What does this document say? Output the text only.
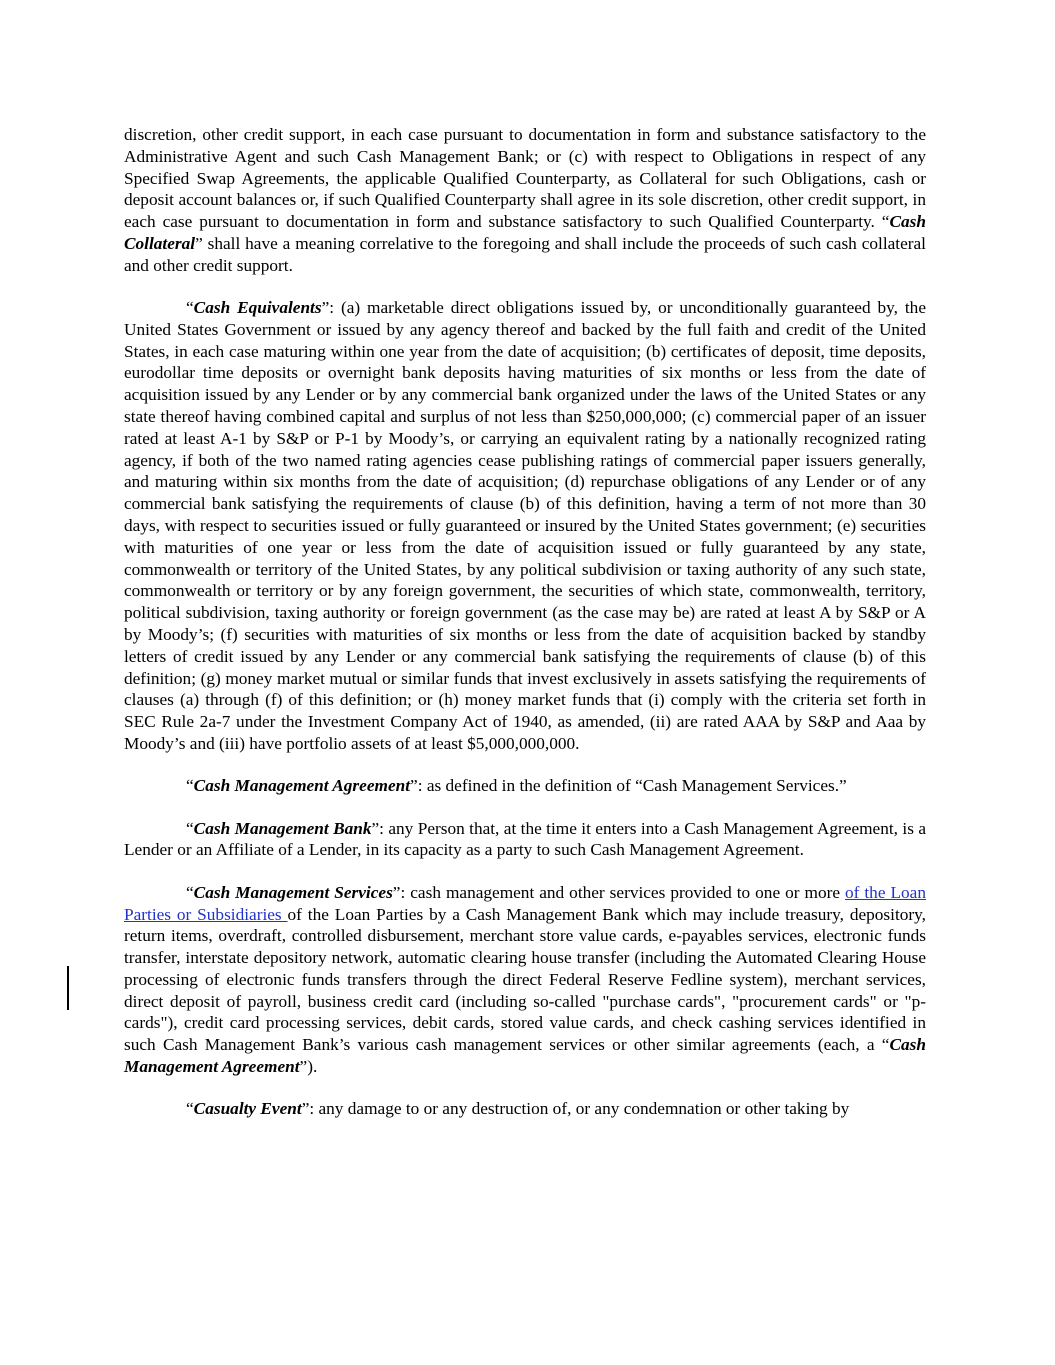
discretion, other credit support, in each case pursuant to documentation in form and substance satisfactory to the Administrative Agent and such Cash Management Bank; or (c) with respect to Obligations in respect of any Specified Swap Agreements, the applicable Qualified Counterparty, as Collateral for such Obligations, cash or deposit account balances or, if such Qualified Counterparty shall agree in its sole discretion, other credit support, in each case pursuant to documentation in form and substance satisfactory to such Qualified Counterparty. “Cash Collateral” shall have a meaning correlative to the foregoing and shall include the proceeds of such cash collateral and other credit support.

“Cash Equivalents”: (a) marketable direct obligations issued by, or unconditionally guaranteed by, the United States Government or issued by any agency thereof and backed by the full faith and credit of the United States, in each case maturing within one year from the date of acquisition; (b) certificates of deposit, time deposits, eurodollar time deposits or overnight bank deposits having maturities of six months or less from the date of acquisition issued by any Lender or by any commercial bank organized under the laws of the United States or any state thereof having combined capital and surplus of not less than $250,000,000; (c) commercial paper of an issuer rated at least A-1 by S&P or P-1 by Moody’s, or carrying an equivalent rating by a nationally recognized rating agency, if both of the two named rating agencies cease publishing ratings of commercial paper issuers generally, and maturing within six months from the date of acquisition; (d) repurchase obligations of any Lender or of any commercial bank satisfying the requirements of clause (b) of this definition, having a term of not more than 30 days, with respect to securities issued or fully guaranteed or insured by the United States government; (e) securities with maturities of one year or less from the date of acquisition issued or fully guaranteed by any state, commonwealth or territory of the United States, by any political subdivision or taxing authority of any such state, commonwealth or territory or by any foreign government, the securities of which state, commonwealth, territory, political subdivision, taxing authority or foreign government (as the case may be) are rated at least A by S&P or A by Moody’s; (f) securities with maturities of six months or less from the date of acquisition backed by standby letters of credit issued by any Lender or any commercial bank satisfying the requirements of clause (b) of this definition; (g) money market mutual or similar funds that invest exclusively in assets satisfying the requirements of clauses (a) through (f) of this definition; or (h) money market funds that (i) comply with the criteria set forth in SEC Rule 2a-7 under the Investment Company Act of 1940, as amended, (ii) are rated AAA by S&P and Aaa by Moody’s and (iii) have portfolio assets of at least $5,000,000,000.

“Cash Management Agreement”: as defined in the definition of “Cash Management Services.”

“Cash Management Bank”: any Person that, at the time it enters into a Cash Management Agreement, is a Lender or an Affiliate of a Lender, in its capacity as a party to such Cash Management Agreement.

“Cash Management Services”: cash management and other services provided to one or more of the Loan Parties or Subsidiaries of the Loan Parties by a Cash Management Bank which may include treasury, depository, return items, overdraft, controlled disbursement, merchant store value cards, e-payables services, electronic funds transfer, interstate depository network, automatic clearing house transfer (including the Automated Clearing House processing of electronic funds transfers through the direct Federal Reserve Fedline system), merchant services, direct deposit of payroll, business credit card (including so-called "purchase cards", "procurement cards" or "p-cards"), credit card processing services, debit cards, stored value cards, and check cashing services identified in such Cash Management Bank’s various cash management services or other similar agreements (each, a “Cash Management Agreement”).

“Casualty Event”: any damage to or any destruction of, or any condemnation or other taking by
